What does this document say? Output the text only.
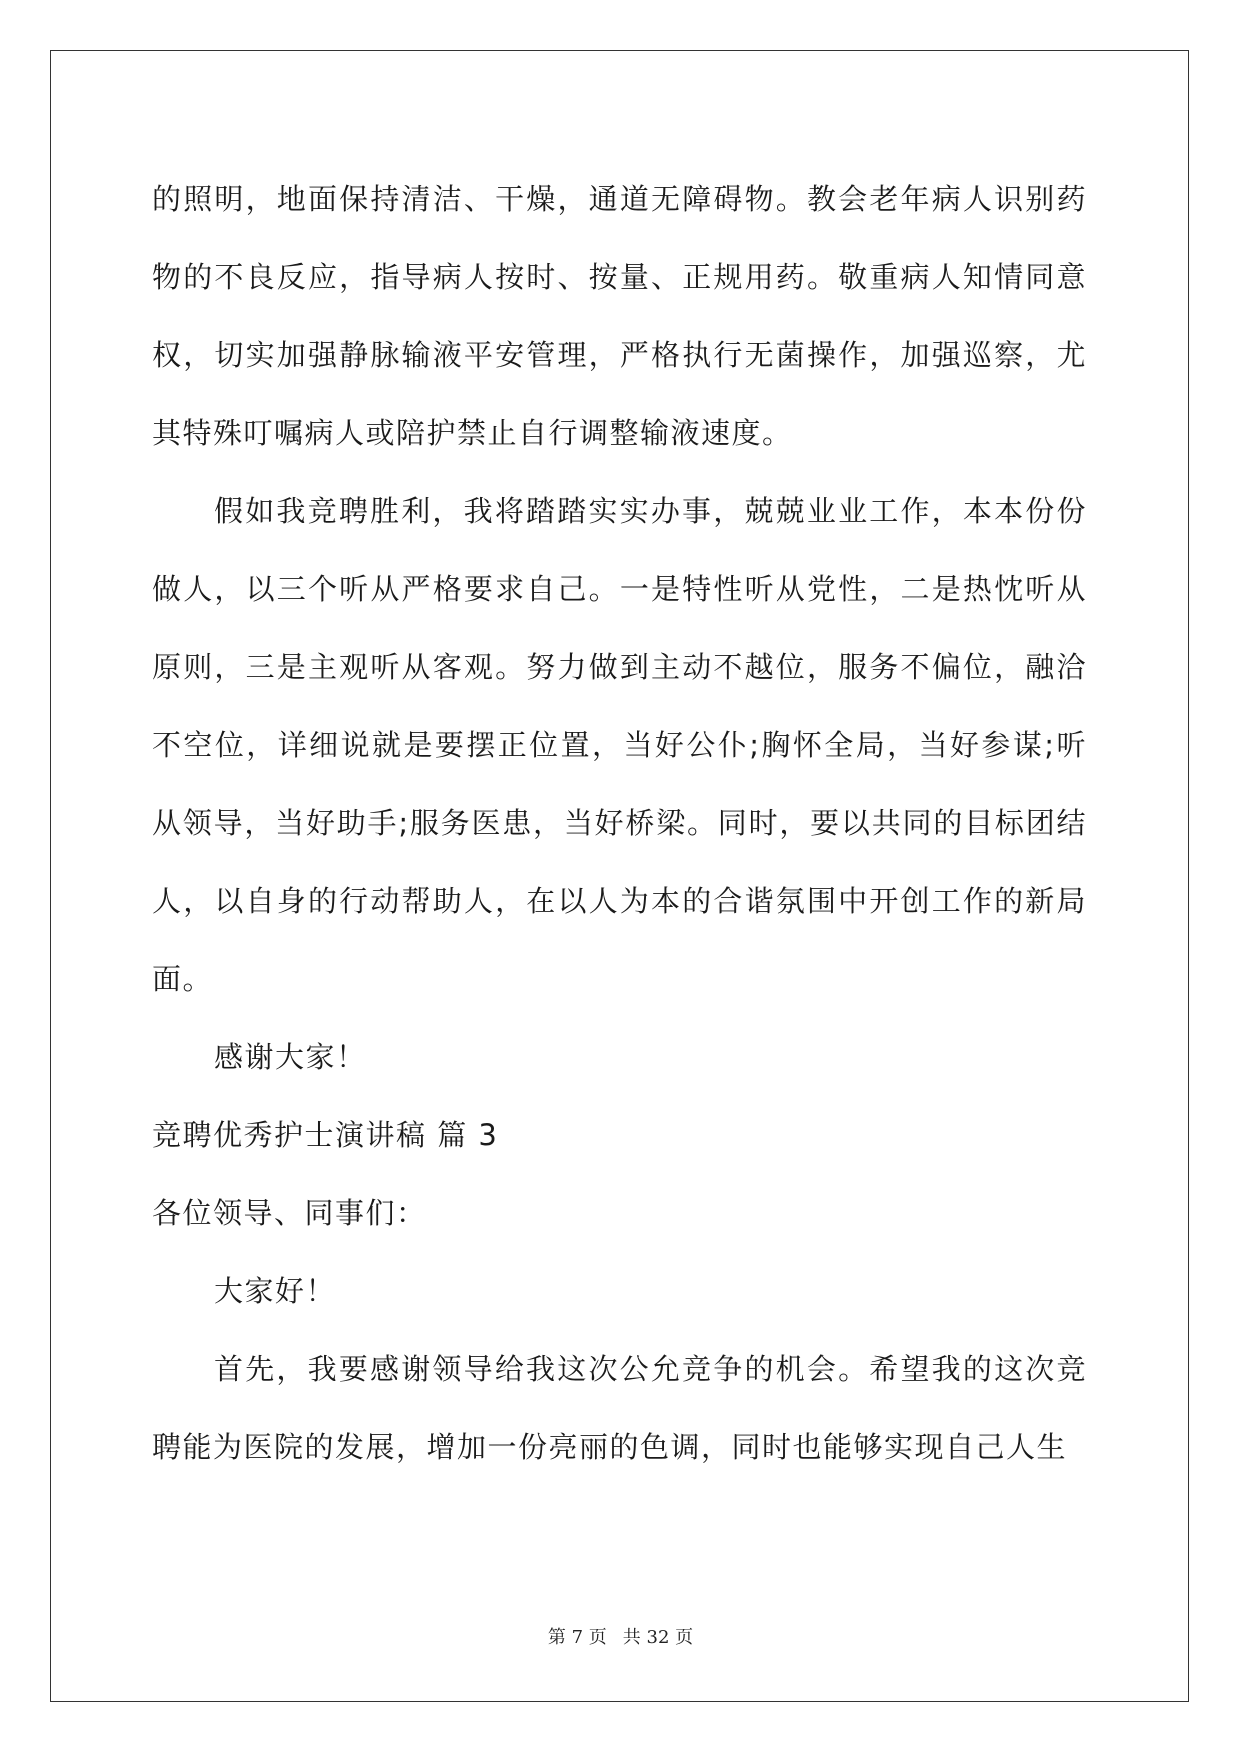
的照明，地面保持清洁、干燥，通道无障碍物。教会老年病人识别药物的不良反应，指导病人按时、按量、正规用药。敬重病人知情同意权，切实加强静脉输液平安管理，严格执行无菌操作，加强巡察，尤其特殊叮嘱病人或陪护禁止自行调整输液速度。

假如我竞聘胜利，我将踏踏实实办事，兢兢业业工作，本本份份做人，以三个听从严格要求自己。一是特性听从党性，二是热忱听从原则，三是主观听从客观。努力做到主动不越位，服务不偏位，融洽不空位，详细说就是要摆正位置，当好公仆;胸怀全局，当好参谋;听从领导，当好助手;服务医患，当好桥梁。同时，要以共同的目标团结人，以自身的行动帮助人，在以人为本的合谐氛围中开创工作的新局面。

感谢大家！

竞聘优秀护士演讲稿 篇 3

各位领导、同事们：

大家好！

首先，我要感谢领导给我这次公允竞争的机会。希望我的这次竞聘能为医院的发展，增加一份亮丽的色调，同时也能够实现自己人生

第 7 页 共 32 页
